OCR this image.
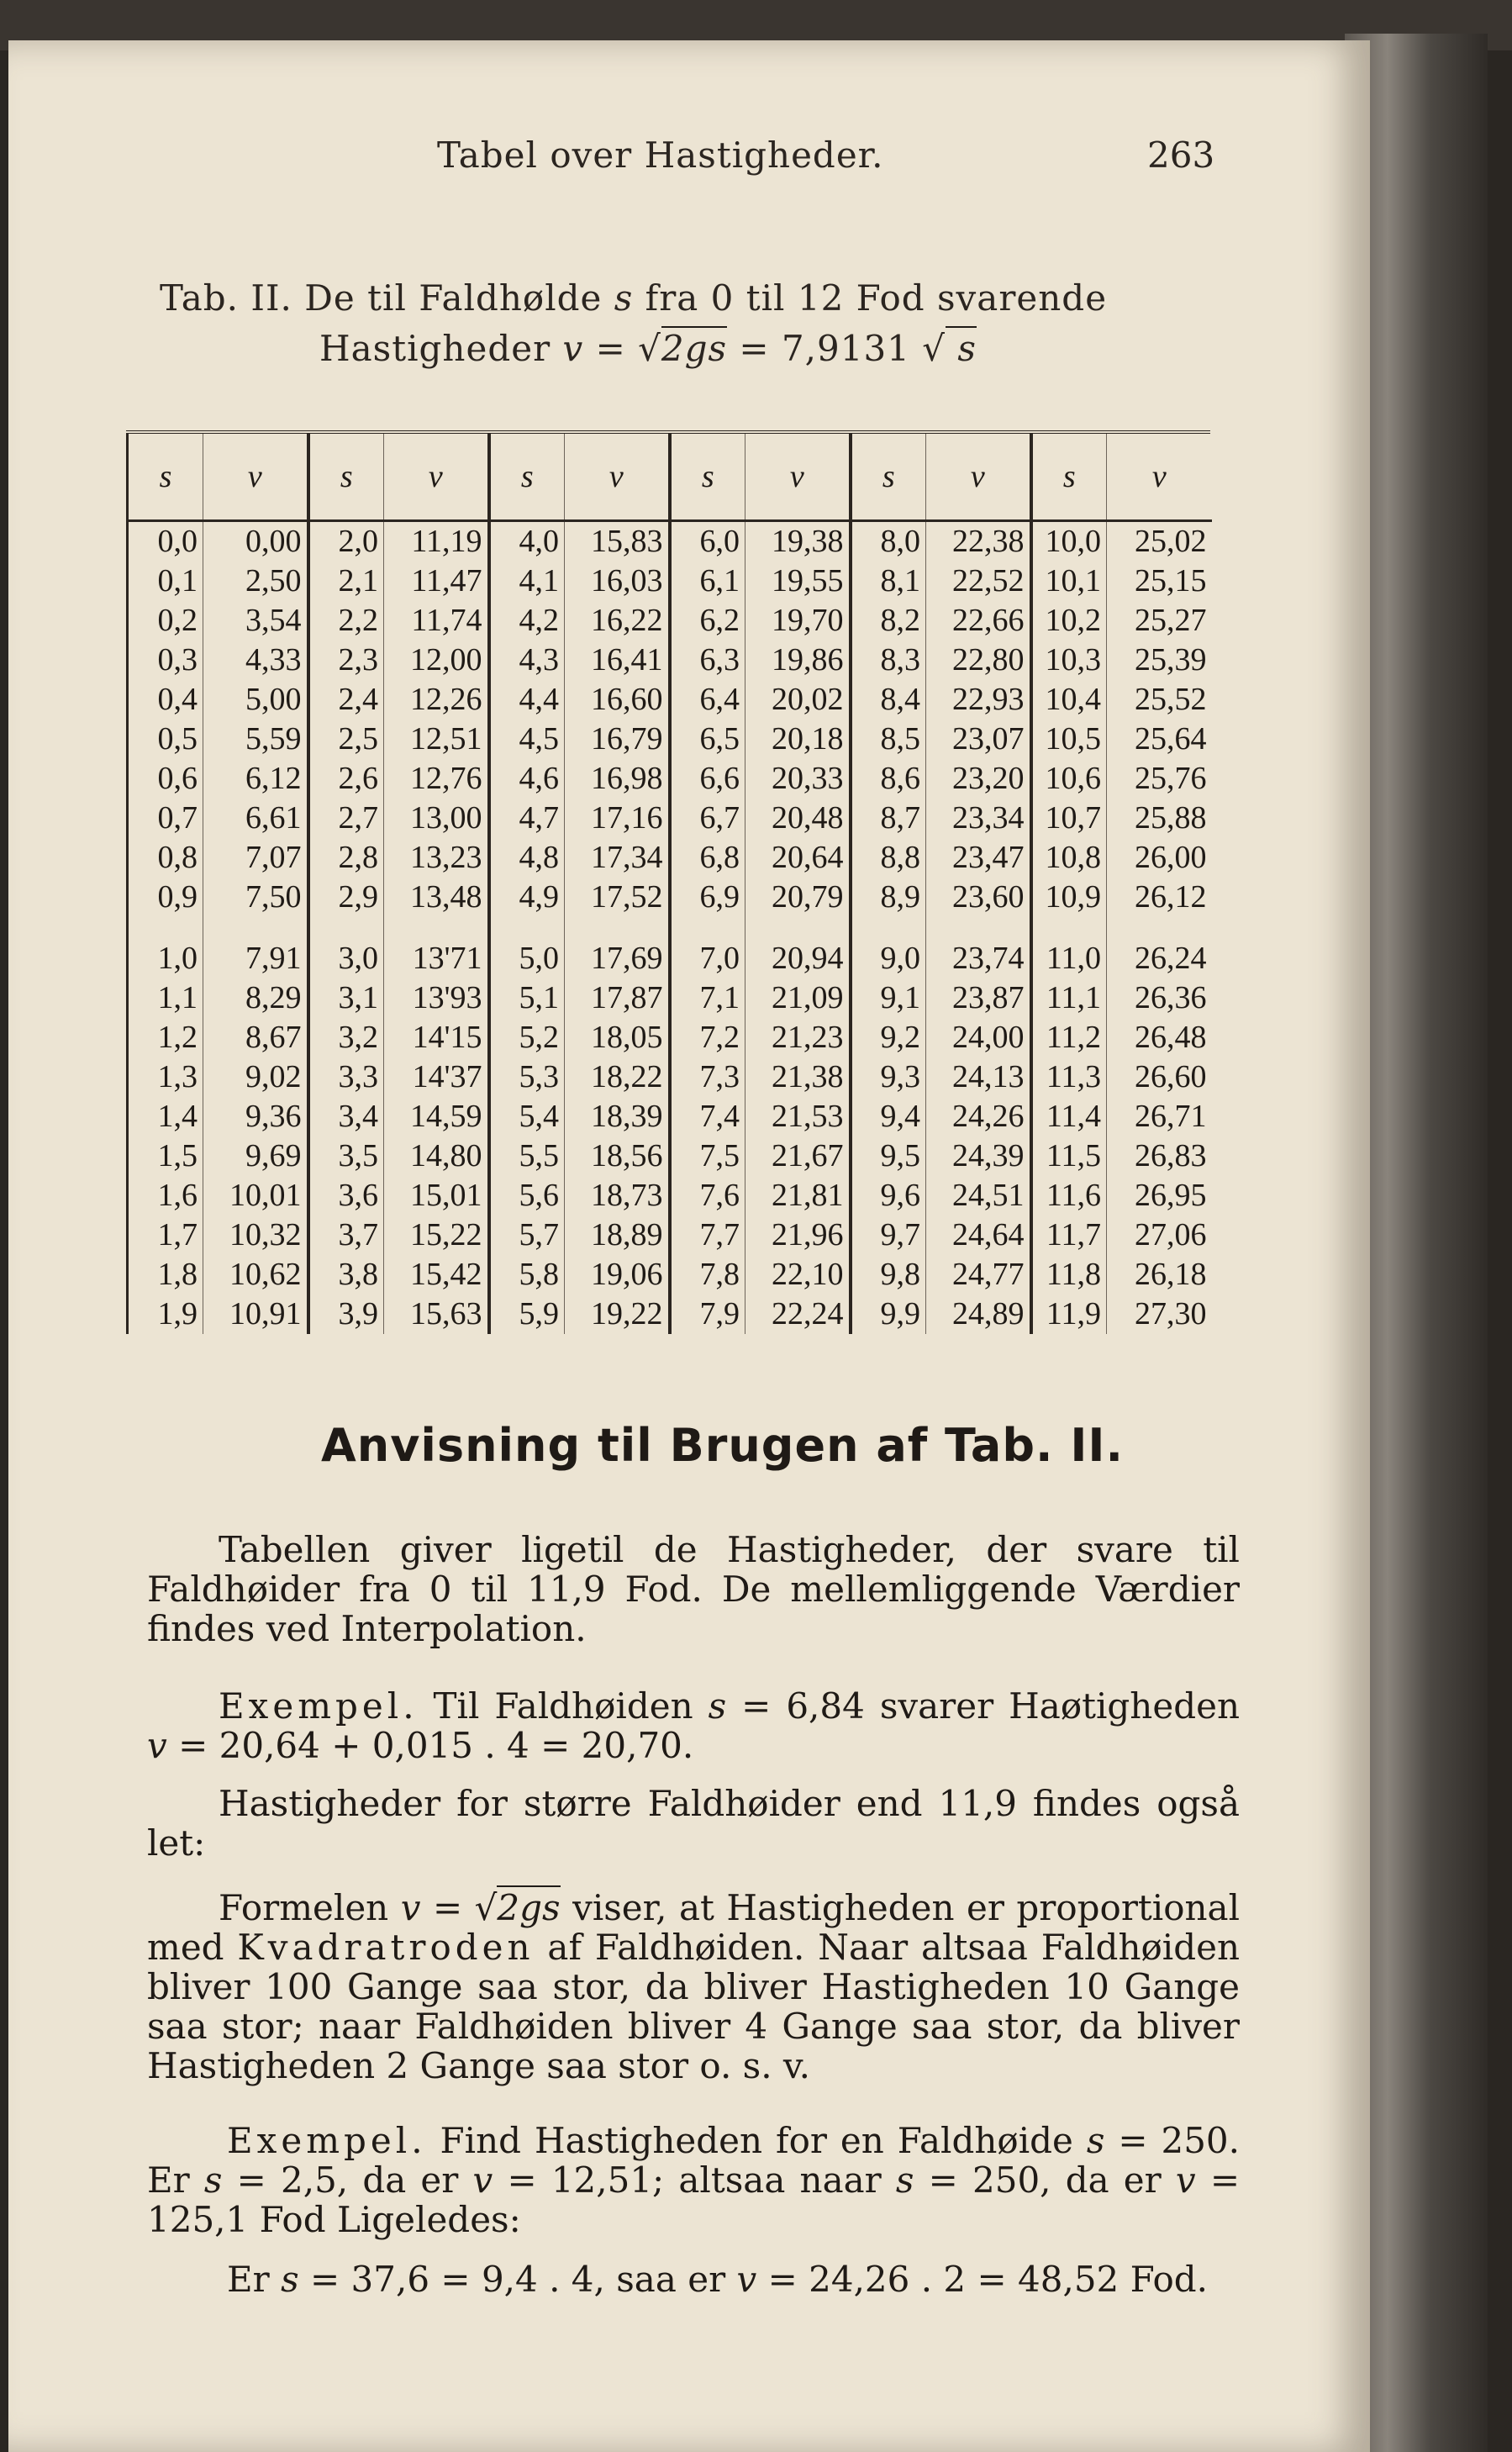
Tabel over Hastigheder.	263
Tab. II. De til Faldhølde s fra 0 til 12 Fod svarende
Hastigheder v = √2gs = 7,9131 √ s
s	v	s	v	s	v	s	v	s	v	s	v
0,0	0,00	2,0	11,19	4,0	15,83	6,0	19,38	8,0	22,38	10,0	25,02
0,1	2,50	2,1	11,47	4,1	16,03	6,1	19,55	8,1	22,52	10,1	25,15
0,2	3,54	2,2	11,74	4,2	16,22	6,2	19,70	8,2	22,66	10,2	25,27
0,3	4,33	2,3	12,00	4,3	16,41	6,3	19,86	8,3	22,80	10,3	25,39
0,4	5,00	2,4	12,26	4,4	16,60	6,4	20,02	8,4	22,93	10,4	25,52
0,5	5,59	2,5	12,51	4,5	16,79	6,5	20,18	8,5	23,07	10,5	25,64
0,6	6,12	2,6	12,76	4,6	16,98	6,6	20,33	8,6	23,20	10,6	25,76
0,7	6,61	2,7	13,00	4,7	17,16	6,7	20,48	8,7	23,34	10,7	25,88
0,8	7,07	2,8	13,23	4,8	17,34	6,8	20,64	8,8	23,47	10,8	26,00
0,9	7,50	2,9	13,48	4,9	17,52	6,9	20,79	8,9	23,60	10,9	26,12

1,0	7,91	3,0	13'71	5,0	17,69	7,0	20,94	9,0	23,74	11,0	26,24
1,1	8,29	3,1	13'93	5,1	17,87	7,1	21,09	9,1	23,87	11,1	26,36
1,2	8,67	3,2	14'15	5,2	18,05	7,2	21,23	9,2	24,00	11,2	26,48
1,3	9,02	3,3	14'37	5,3	18,22	7,3	21,38	9,3	24,13	11,3	26,60
1,4	9,36	3,4	14,59	5,4	18,39	7,4	21,53	9,4	24,26	11,4	26,71
1,5	9,69	3,5	14,80	5,5	18,56	7,5	21,67	9,5	24,39	11,5	26,83
1,6	10,01	3,6	15,01	5,6	18,73	7,6	21,81	9,6	24,51	11,6	26,95
1,7	10,32	3,7	15,22	5,7	18,89	7,7	21,96	9,7	24,64	11,7	27,06
1,8	10,62	3,8	15,42	5,8	19,06	7,8	22,10	9,8	24,77	11,8	26,18
1,9	10,91	3,9	15,63	5,9	19,22	7,9	22,24	9,9	24,89	11,9	27,30
Anvisning til Brugen af Tab. II.
Tabellen giver ligetil de Hastigheder, der svare til Faldhøider fra 0 til 11,9 Fod. De mellemliggende Værdier findes ved Interpolation.
Exempel. Til Faldhøiden s = 6,84 svarer Haøtigheden v = 20,64 + 0,015 . 4 = 20,70.
Hastigheder for større Faldhøider end 11,9 findes også let:
Formelen v = √2gs viser, at Hastigheden er proportional med Kvadratroden af Faldhøiden. Naar altsaa Faldhøiden bliver 100 Gange saa stor, da bliver Hastigheden 10 Gange saa stor; naar Faldhøiden bliver 4 Gange saa stor, da bliver Hastigheden 2 Gange saa stor o. s. v.
Exempel. Find Hastigheden for en Faldhøide s = 250. Er s = 2,5, da er v = 12,51; altsaa naar s = 250, da er v = 125,1 Fod Ligeledes:
Er s = 37,6 = 9,4 . 4, saa er v = 24,26 . 2 = 48,52 Fod.
